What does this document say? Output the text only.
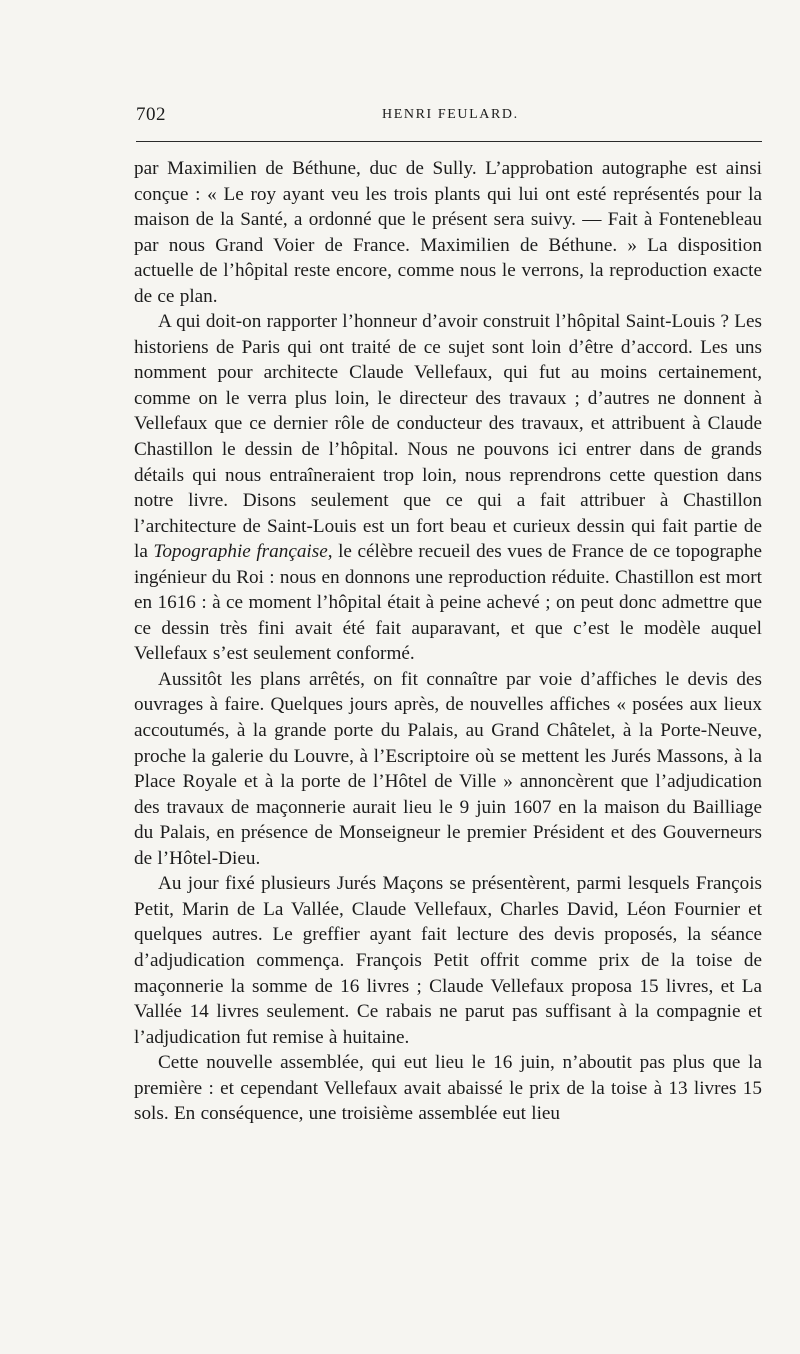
702	HENRI FEULARD.

par Maximilien de Béthune, duc de Sully. L’approbation autographe est ainsi conçue : « Le roy ayant veu les trois plants qui lui ont esté représentés pour la maison de la Santé, a ordonné que le présent sera suivy. — Fait à Fontenebleau par nous Grand Voier de France. Maximilien de Béthune. » La disposition actuelle de l’hôpital reste encore, comme nous le verrons, la reproduction exacte de ce plan.

A qui doit-on rapporter l’honneur d’avoir construit l’hôpital Saint-Louis ? Les historiens de Paris qui ont traité de ce sujet sont loin d’être d’accord. Les uns nomment pour architecte Claude Vellefaux, qui fut au moins certainement, comme on le verra plus loin, le directeur des travaux ; d’autres ne donnent à Vellefaux que ce dernier rôle de conducteur des travaux, et attribuent à Claude Chastillon le dessin de l’hôpital. Nous ne pouvons ici entrer dans de grands détails qui nous entraîneraient trop loin, nous reprendrons cette question dans notre livre. Disons seulement que ce qui a fait attribuer à Chastillon l’architecture de Saint-Louis est un fort beau et curieux dessin qui fait partie de la Topographie française, le célèbre recueil des vues de France de ce topographe ingénieur du Roi : nous en donnons une reproduction réduite. Chastillon est mort en 1616 : à ce moment l’hôpital était à peine achevé ; on peut donc admettre que ce dessin très fini avait été fait auparavant, et que c’est le modèle auquel Vellefaux s’est seulement conformé.

Aussitôt les plans arrêtés, on fit connaître par voie d’affiches le devis des ouvrages à faire. Quelques jours après, de nouvelles affiches « posées aux lieux accoutumés, à la grande porte du Palais, au Grand Châtelet, à la Porte-Neuve, proche la galerie du Louvre, à l’Escriptoire où se mettent les Jurés Massons, à la Place Royale et à la porte de l’Hôtel de Ville » annoncèrent que l’adjudication des travaux de maçonnerie aurait lieu le 9 juin 1607 en la maison du Bailliage du Palais, en présence de Monseigneur le premier Président et des Gouverneurs de l’Hôtel-Dieu.

Au jour fixé plusieurs Jurés Maçons se présentèrent, parmi lesquels François Petit, Marin de La Vallée, Claude Vellefaux, Charles David, Léon Fournier et quelques autres. Le greffier ayant fait lecture des devis proposés, la séance d’adjudication commença. François Petit offrit comme prix de la toise de maçonnerie la somme de 16 livres ; Claude Vellefaux proposa 15 livres, et La Vallée 14 livres seulement. Ce rabais ne parut pas suffisant à la compagnie et l’adjudication fut remise à huitaine.

Cette nouvelle assemblée, qui eut lieu le 16 juin, n’aboutit pas plus que la première : et cependant Vellefaux avait abaissé le prix de la toise à 13 livres 15 sols. En conséquence, une troisième assemblée eut lieu
